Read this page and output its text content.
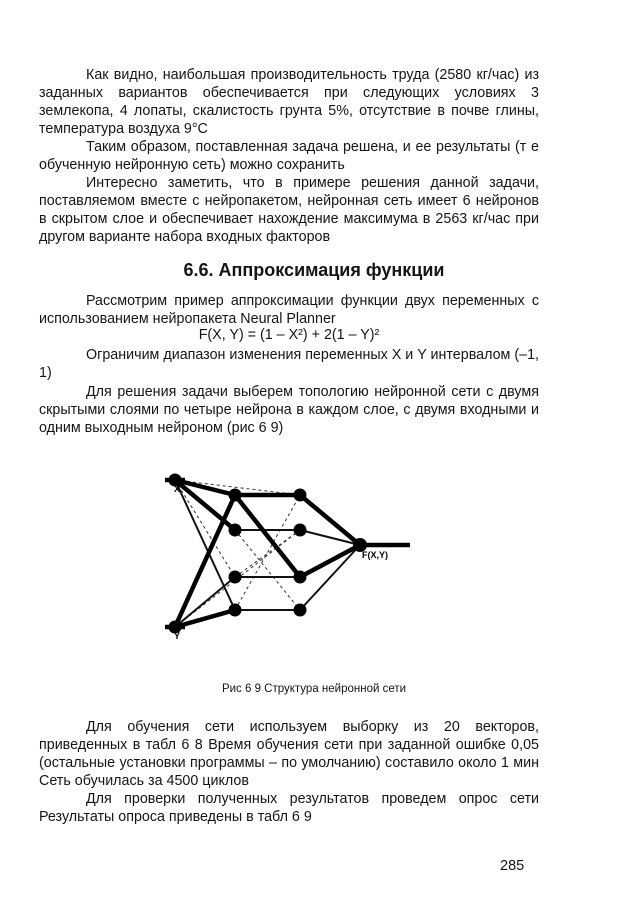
Как видно, наибольшая производительность труда (2580 кг/час) из заданных вариантов обеспечивается при следующих условиях 3 землекопа, 4 лопаты, скалистость грунта 5%, отсутствие в почве глины, температура воздуха 9°С

Таким образом, поставленная задача решена, и ее результаты (т е обученную нейронную сеть) можно сохранить

Интересно заметить, что в примере решения данной задачи, поставляемом вместе с нейропакетом, нейронная сеть имеет 6 нейронов в скрытом слое и обеспечивает нахождение максимума в 2563 кг/час при другом варианте набора входных факторов

6.6. Аппроксимация функции

Рассмотрим пример аппроксимации функции двух переменных с использованием нейропакета Neural Planner

F(X, Y) = (1 – X²) + 2(1 – Y)²

Ограничим диапазон изменения переменных X и Y интервалом (–1, 1)

Для решения задачи выберем топологию нейронной сети с двумя скрытыми слоями по четыре нейрона в каждом слое, с двумя входными и одним выходным нейроном (рис 6 9)

X
Y
F(X,Y)

Рис 6 9 Структура нейронной сети

Для обучения сети используем выборку из 20 векторов, приведенных в табл 6 8 Время обучения сети при заданной ошибке 0,05 (остальные установки программы – по умолчанию) составило около 1 мин Сеть обучилась за 4500 циклов

Для проверки полученных результатов проведем опрос сети Результаты опроса приведены в табл 6 9

285
